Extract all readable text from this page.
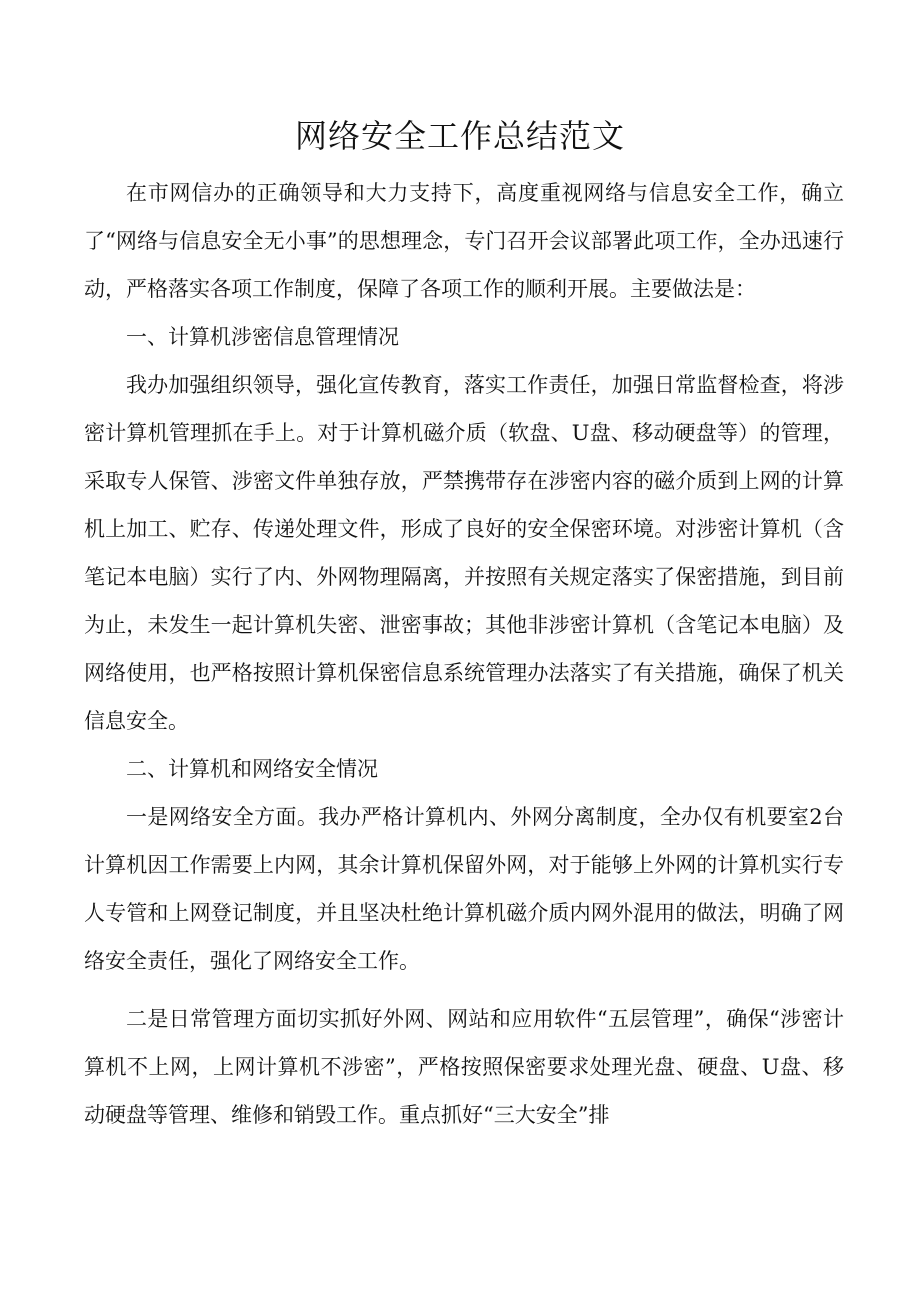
网络安全工作总结范文

在市网信办的正确领导和大力支持下，高度重视网络与信息安全工作，确立了“网络与信息安全无小事”的思想理念，专门召开会议部署此项工作，全办迅速行动，严格落实各项工作制度，保障了各项工作的顺利开展。主要做法是：

一、计算机涉密信息管理情况

我办加强组织领导，强化宣传教育，落实工作责任，加强日常监督检查，将涉密计算机管理抓在手上。对于计算机磁介质（软盘、U盘、移动硬盘等）的管理，采取专人保管、涉密文件单独存放，严禁携带存在涉密内容的磁介质到上网的计算机上加工、贮存、传递处理文件，形成了良好的安全保密环境。对涉密计算机（含笔记本电脑）实行了内、外网物理隔离，并按照有关规定落实了保密措施，到目前为止，未发生一起计算机失密、泄密事故；其他非涉密计算机（含笔记本电脑）及网络使用，也严格按照计算机保密信息系统管理办法落实了有关措施，确保了机关信息安全。

二、计算机和网络安全情况

一是网络安全方面。我办严格计算机内、外网分离制度，全办仅有机要室2台计算机因工作需要上内网，其余计算机保留外网，对于能够上外网的计算机实行专人专管和上网登记制度，并且坚决杜绝计算机磁介质内网外混用的做法，明确了网络安全责任，强化了网络安全工作。

二是日常管理方面切实抓好外网、网站和应用软件“五层管理”，确保“涉密计算机不上网，上网计算机不涉密”，严格按照保密要求处理光盘、硬盘、U盘、移动硬盘等管理、维修和销毁工作。重点抓好“三大安全”排
